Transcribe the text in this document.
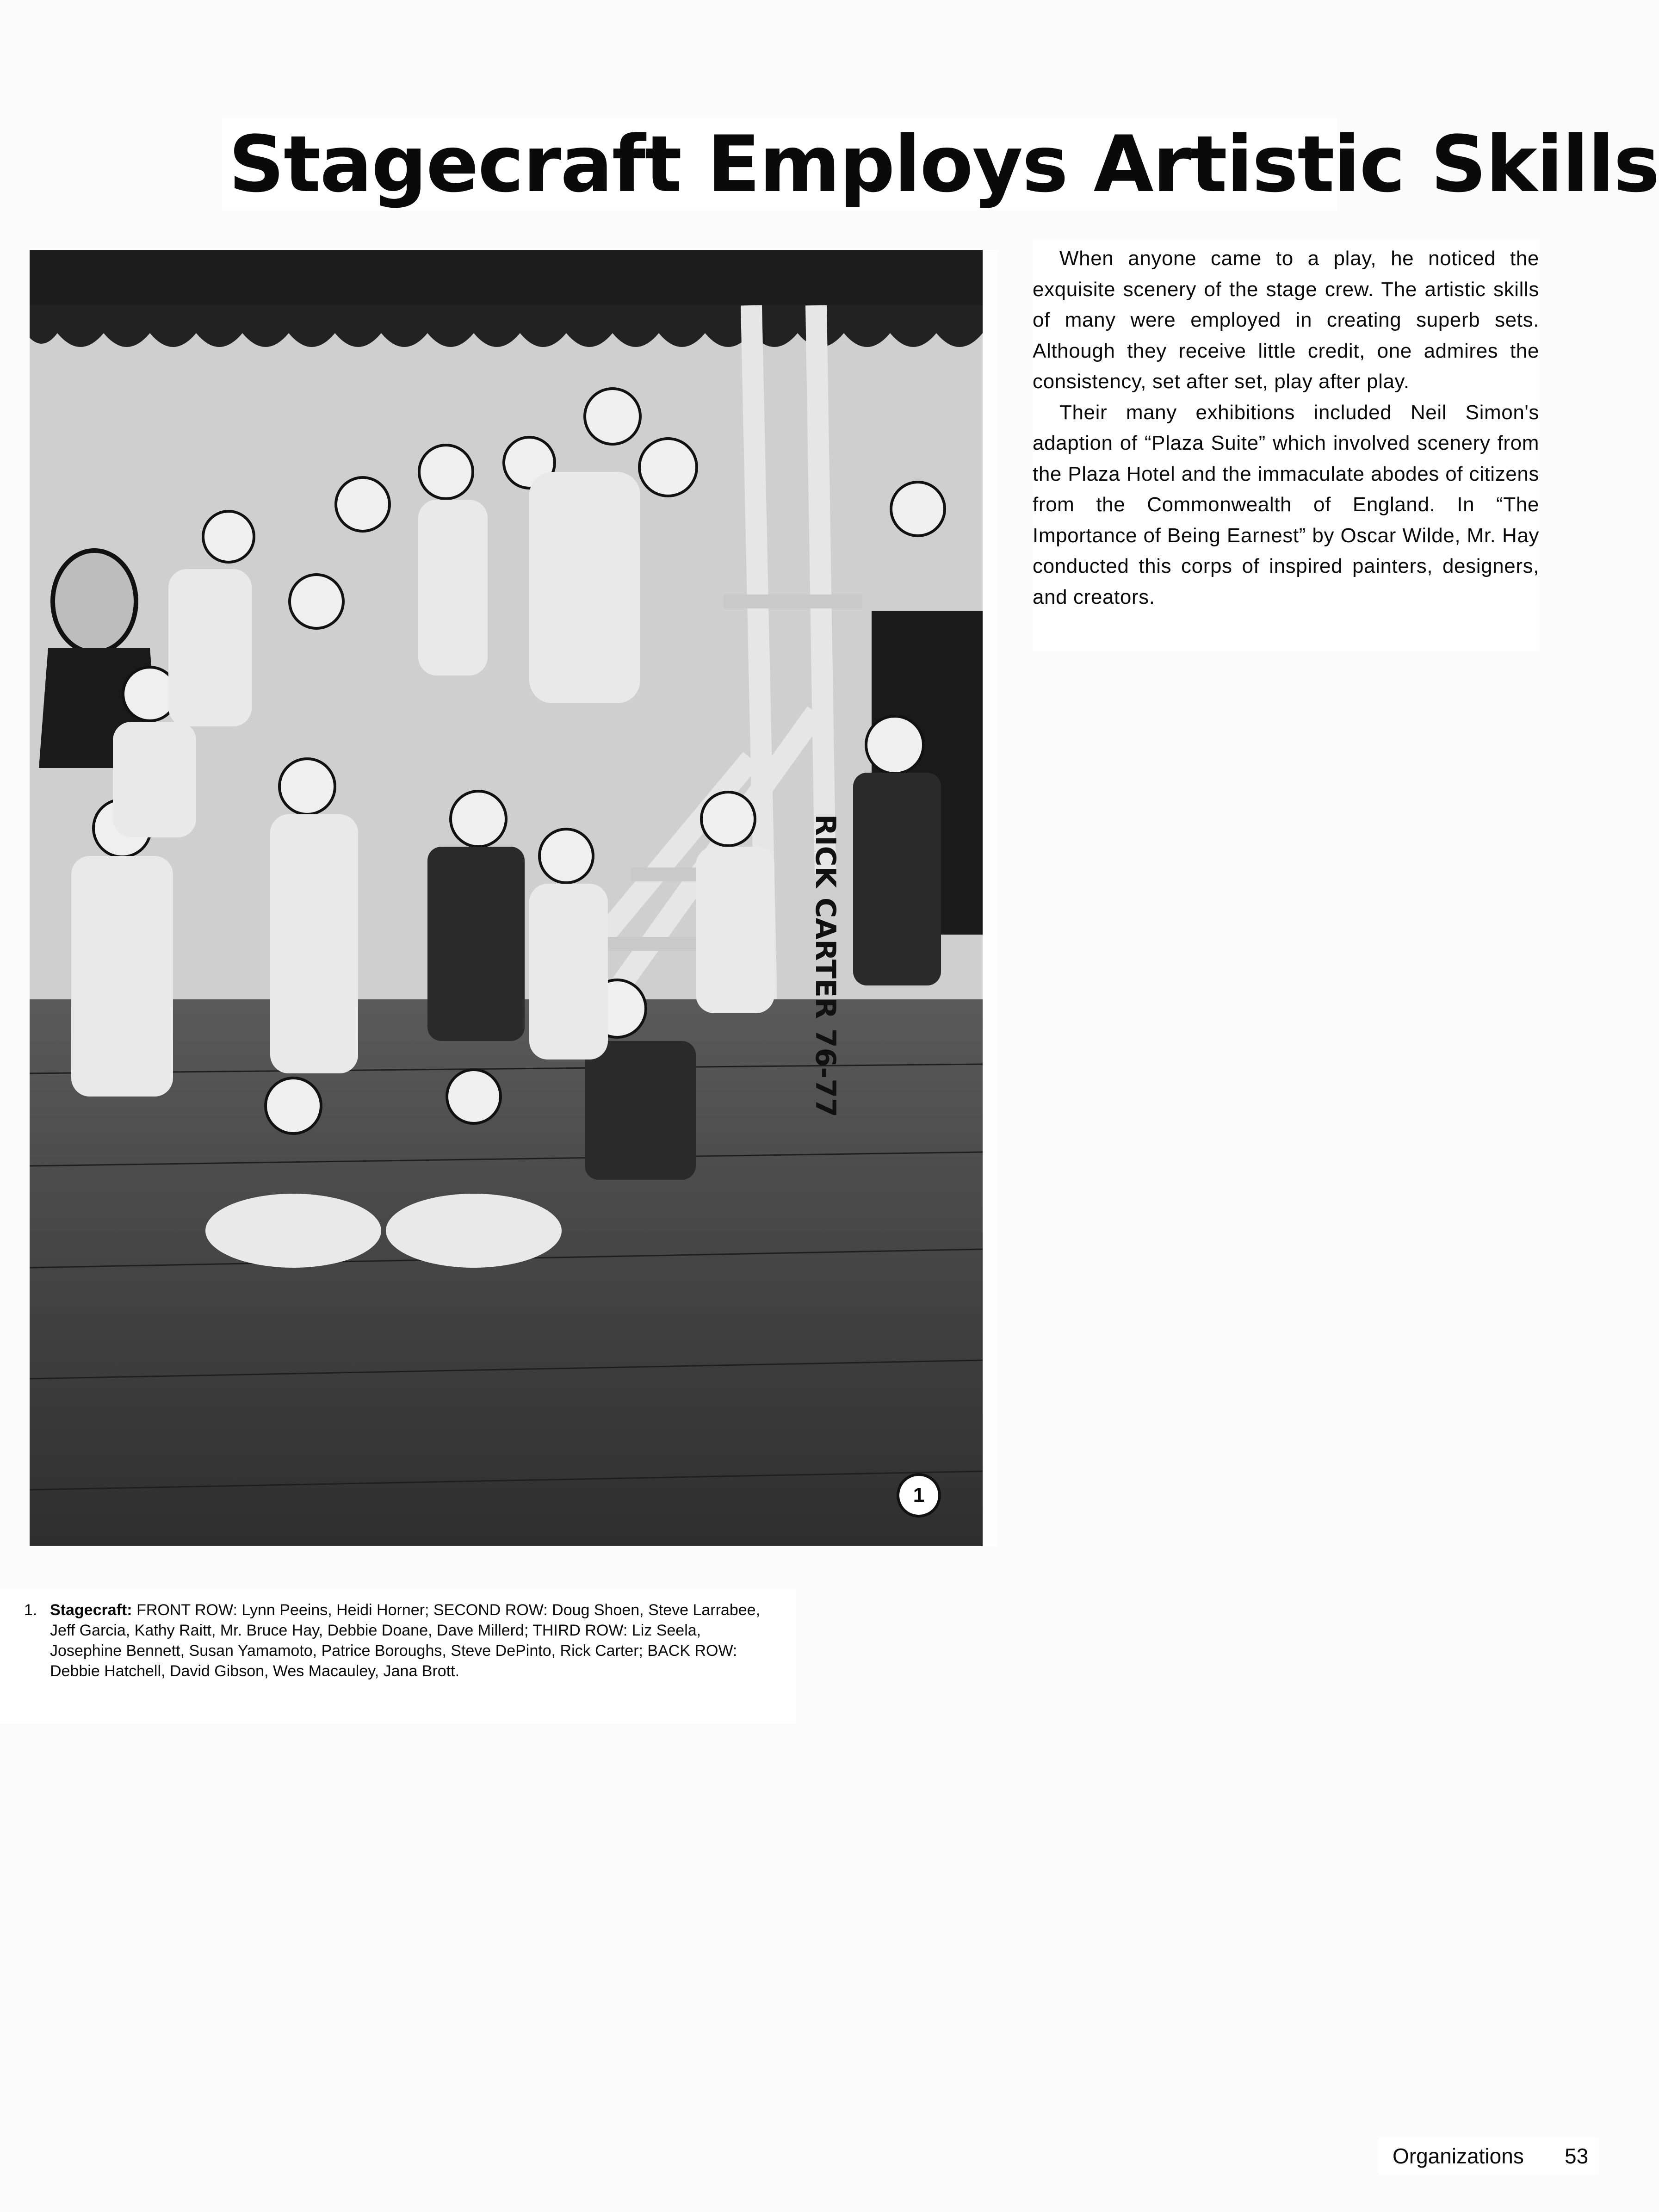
Stagecraft Employs Artistic Skills
RICK CARTER 76-77
1

When anyone came to a play, he noticed the exquisite scenery of the stage crew. The artistic skills of many were employed in creating superb sets. Although they receive little credit, one admires the consistency, set after set, play after play.

Their many exhibitions included Neil Simon's adaption of “Plaza Suite” which involved scenery from the Plaza Hotel and the immaculate abodes of citizens from the Commonwealth of England. In “The Importance of Being Earnest” by Oscar Wilde, Mr. Hay conducted this corps of inspired painters, designers, and creators.

1. Stagecraft: FRONT ROW: Lynn Peeins, Heidi Horner; SECOND ROW: Doug Shoen, Steve Larrabee, Jeff Garcia, Kathy Raitt, Mr. Bruce Hay, Debbie Doane, Dave Millerd; THIRD ROW: Liz Seela, Josephine Bennett, Susan Yamamoto, Patrice Boroughs, Steve DePinto, Rick Carter; BACK ROW: Debbie Hatchell, David Gibson, Wes Macauley, Jana Brott.
Organizations 53
